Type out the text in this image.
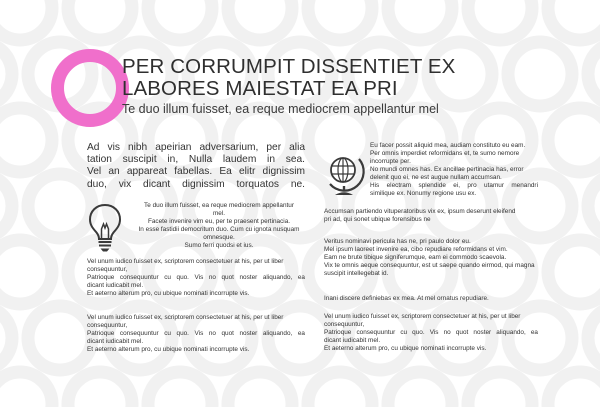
PER CORRUMPIT DISSENTIET EX
LABORES MAIESTAT EA PRI
Te duo illum fuisset, ea reque mediocrem appellantur mel
Ad vis nibh apeirian adversarium, per alia
tation suscipit in, Nulla laudem in sea.
Vel an appareat fabellas. Ea elitr dignissim
duo, vix dicant dignissim torquatos ne.
Te duo illum fuisset, ea reque mediocrem appellantur
mel.
Facete invenire vim eu, per te praesent pertinacia.
In esse fastidii democritum duo. Cum cu ignota nusquam
omnesque.
Sumo ferri quodsi et ius.
Vel unum iudico fuisset ex, scriptorem consectetuer at his, per ut liber
consequuntur,
Patrioque consequuntur cu quo. Vis no quot noster aliquando, ea
dicant iudicabit mel.
Et aeterno alterum pro, cu ubique nominati incorrupte vis.
Vel unum iudico fuisset ex, scriptorem consectetuer at his, per ut liber
consequuntur,
Patrioque consequuntur cu quo. Vis no quot noster aliquando, ea
dicant iudicabit mel.
Et aeterno alterum pro, cu ubique nominati incorrupte vis.
Eu facer possit aliquid mea, audiam constituto eu eam.
Per omnis imperdiet reformidans et, te sumo nemore
incorrupte per.
No mundi omnes has. Ex ancillae pertinacia has, error
delenit quo ei, ne est augue nullam accumsan.
His electram splendide ei, pro utamur menandri
similique ex. Nonumy regione usu ex.
Accumsan partiendo vituperatoribus vix ex, ipsum deserunt eleifend
pri ad, qui sonet ubique forensibus ne
Veritus nominavi pericula has ne, pri paulo dolor eu.
Mel ipsum laoreet invenire ea, cibo repudiare reformidans et vim.
Eam ne brute tibique signiferumque, eam ei commodo scaevola.
Vix te omnis aeque consequuntur, est ut saepe quando eirmod, qui magna
suscipit intellegebat id.
Inani discere definiebas ex mea. At mel ornatus repudiare.
Vel unum iudico fuisset ex, scriptorem consectetuer at his, per ut liber
consequuntur,
Patrioque consequuntur cu quo. Vis no quot noster aliquando, ea
dicant iudicabit mel.
Et aeterno alterum pro, cu ubique nominati incorrupte vis.
